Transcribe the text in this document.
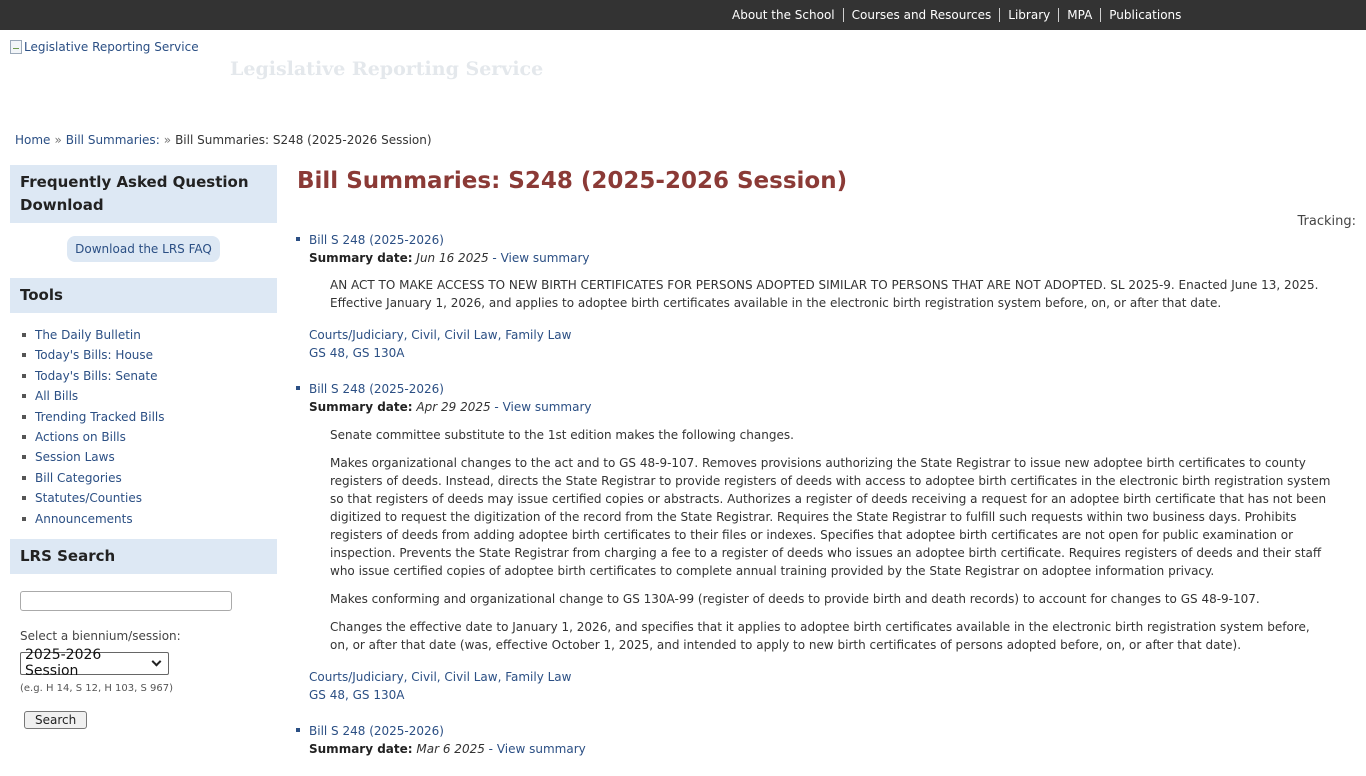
About the School	Courses and Resources	Library	MPA	Publications
Legislative Reporting Service
Legislative Reporting Service
Home » Bill Summaries: » Bill Summaries: S248 (2025-2026 Session)
Frequently Asked Question Download
Download the LRS FAQ
Tools
The Daily Bulletin
Today's Bills: House
Today's Bills: Senate
All Bills
Trending Tracked Bills
Actions on Bills
Session Laws
Bill Categories
Statutes/Counties
Announcements
LRS Search
Select a biennium/session:
2025-2026 Session
(e.g. H 14, S 12, H 103, S 967)
Search
Bill Summaries: S248 (2025-2026 Session)
Tracking:
Bill S 248 (2025-2026)
Summary date: Jun 16 2025 - View summary

AN ACT TO MAKE ACCESS TO NEW BIRTH CERTIFICATES FOR PERSONS ADOPTED SIMILAR TO PERSONS THAT ARE NOT ADOPTED. SL 2025-9. Enacted June 13, 2025. Effective January 1, 2026, and applies to adoptee birth certificates available in the electronic birth registration system before, on, or after that date.

Courts/Judiciary, Civil, Civil Law, Family Law
GS 48, GS 130A
Bill S 248 (2025-2026)
Summary date: Apr 29 2025 - View summary

Senate committee substitute to the 1st edition makes the following changes.

Makes organizational changes to the act and to GS 48-9-107. Removes provisions authorizing the State Registrar to issue new adoptee birth certificates to county registers of deeds. Instead, directs the State Registrar to provide registers of deeds with access to adoptee birth certificates in the electronic birth registration system so that registers of deeds may issue certified copies or abstracts. Authorizes a register of deeds receiving a request for an adoptee birth certificate that has not been digitized to request the digitization of the record from the State Registrar. Requires the State Registrar to fulfill such requests within two business days. Prohibits registers of deeds from adding adoptee birth certificates to their files or indexes. Specifies that adoptee birth certificates are not open for public examination or inspection. Prevents the State Registrar from charging a fee to a register of deeds who issues an adoptee birth certificate. Requires registers of deeds and their staff who issue certified copies of adoptee birth certificates to complete annual training provided by the State Registrar on adoptee information privacy.

Makes conforming and organizational change to GS 130A-99 (register of deeds to provide birth and death records) to account for changes to GS 48-9-107.

Changes the effective date to January 1, 2026, and specifies that it applies to adoptee birth certificates available in the electronic birth registration system before, on, or after that date (was, effective October 1, 2025, and intended to apply to new birth certificates of persons adopted before, on, or after that date).

Courts/Judiciary, Civil, Civil Law, Family Law
GS 48, GS 130A
Bill S 248 (2025-2026)
Summary date: Mar 6 2025 - View summary
